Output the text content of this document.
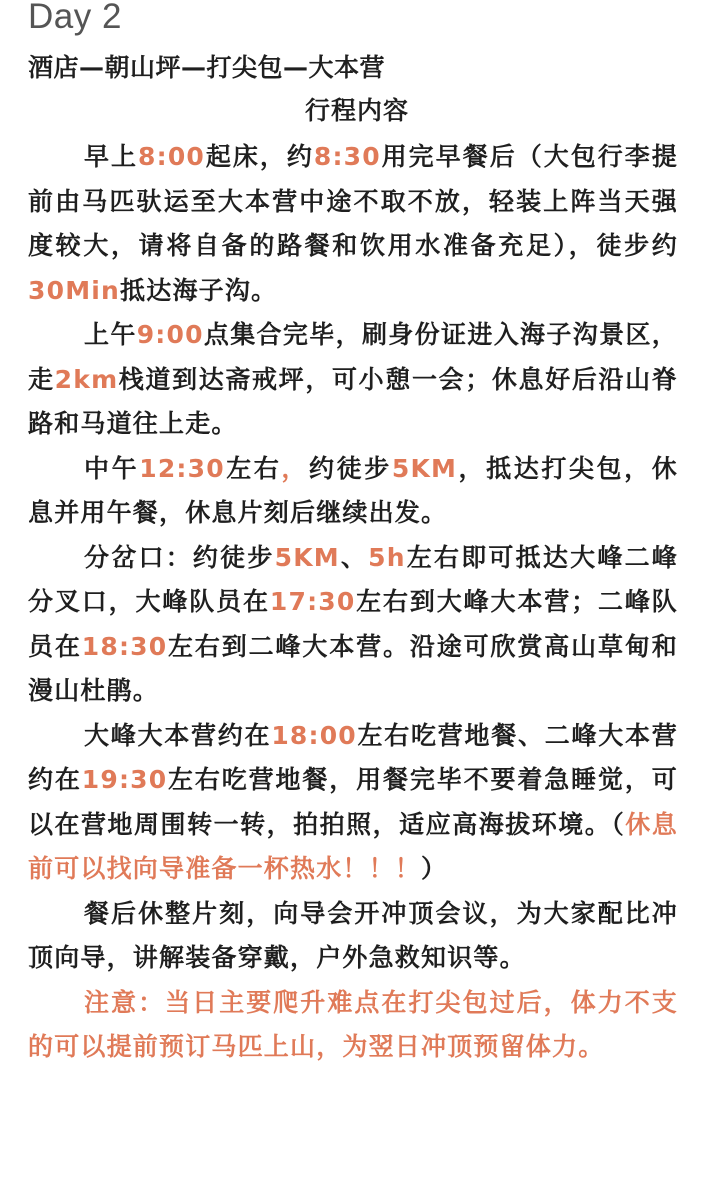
Day 2
酒店—朝山坪—打尖包—大本营
行程内容

早上8:00起床，约8:30用完早餐后（大包行李提前由马匹驮运至大本营中途不取不放，轻装上阵当天强度较大，请将自备的路餐和饮用水准备充足），徒步约30Min抵达海子沟。

上午9:00点集合完毕，刷身份证进入海子沟景区，走2km栈道到达斋戒坪，可小憩一会；休息好后沿山脊路和马道往上走。

中午12:30左右，约徒步5KM，抵达打尖包，休息并用午餐，休息片刻后继续出发。

分岔口：约徒步5KM、5h左右即可抵达大峰二峰分叉口，大峰队员在17:30左右到大峰大本营；二峰队员在18:30左右到二峰大本营。沿途可欣赏高山草甸和漫山杜鹃。

大峰大本营约在18:00左右吃营地餐、二峰大本营约在19:30左右吃营地餐，用餐完毕不要着急睡觉，可以在营地周围转一转，拍拍照，适应高海拔环境。（休息前可以找向导准备一杯热水！！！）

餐后休整片刻，向导会开冲顶会议，为大家配比冲顶向导，讲解装备穿戴，户外急救知识等。

注意：当日主要爬升难点在打尖包过后，体力不支的可以提前预订马匹上山，为翌日冲顶预留体力。
